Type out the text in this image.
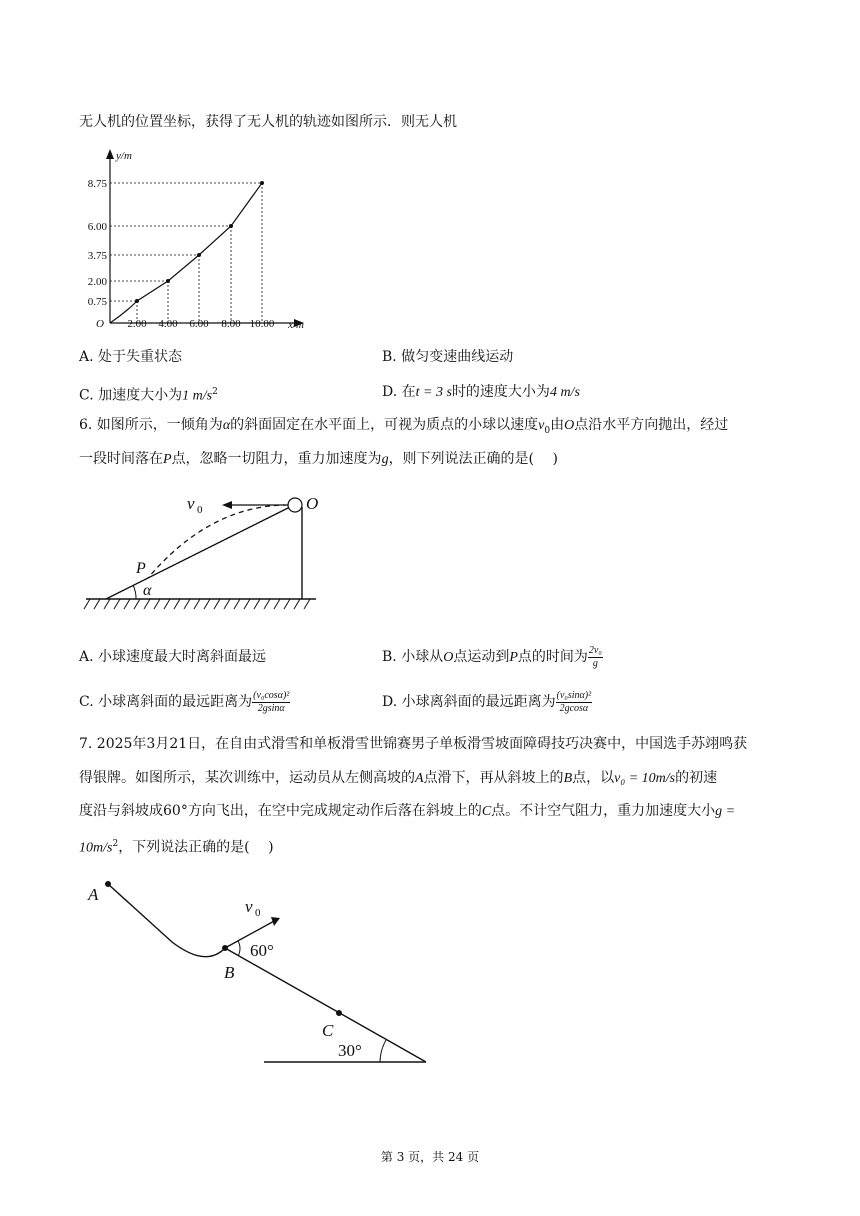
无人机的位置坐标，获得了无人机的轨迹如图所示．则无人机
y/m
x/m
O
8.75
6.00
3.75
2.00
0.75
2.00 4.00 6.00 8.00 10.00
A. 处于失重状态	B. 做匀变速曲线运动
C. 加速度大小为1 $m/s^2$	D. 在t = 3 s时的速度大小为4 m/s
6. 如图所示，一倾角为α的斜面固定在水平面上，可视为质点的小球以速度$v_0$由O点沿水平方向抛出，经过
一段时间落在P点，忽略一切阻力，重力加速度为g，则下列说法正确的是(　 )
v 0	O
P
α
A. 小球速度最大时离斜面最远	B. 小球从O点运动到P点的时间为 $\frac{\text{2v₀}}{g}$
C. 小球离斜面的最远距离为 $\frac{\text{(v₀cosα)²}}{2gsin\alpha}$	D. 小球离斜面的最远距离为 $\frac{\text{(v₀sinα)²}}{2gcos\alpha}$
7. 2025年3月21日，在自由式滑雪和单板滑雪世锦赛男子单板滑雪坡面障碍技巧决赛中，中国选手苏翊鸣获
得银牌。如图所示，某次训练中，运动员从左侧高坡的A点滑下，再从斜坡上的B点，以v₀ = 10m/s的初速
度沿与斜坡成60°方向飞出，在空中完成规定动作后落在斜坡上的C点。不计空气阻力，重力加速度大小g =
$10m/s^2$，下列说法正确的是(　 )
A
B
C
v 0
60°
30°
第 3 页，共 24 页
